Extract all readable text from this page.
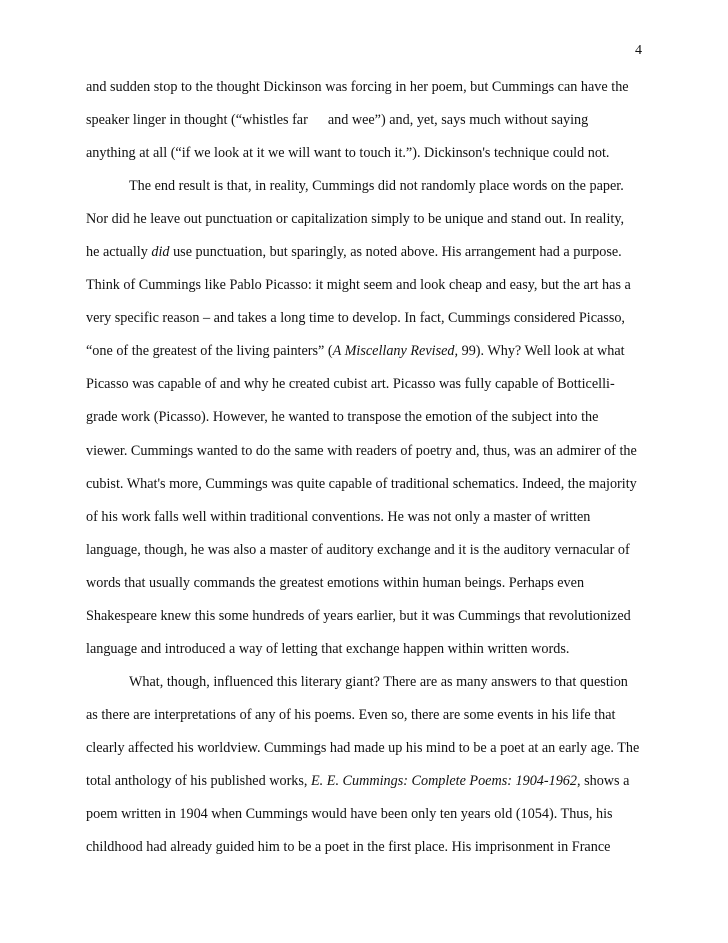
4
and sudden stop to the thought Dickinson was forcing in her poem, but Cummings can have the
speaker linger in thought (“whistles far and wee”) and, yet, says much without saying
anything at all (“if we look at it we will want to touch it.”). Dickinson's technique could not.
The end result is that, in reality, Cummings did not randomly place words on the paper.
Nor did he leave out punctuation or capitalization simply to be unique and stand out. In reality,
he actually did use punctuation, but sparingly, as noted above. His arrangement had a purpose.
Think of Cummings like Pablo Picasso: it might seem and look cheap and easy, but the art has a
very specific reason – and takes a long time to develop. In fact, Cummings considered Picasso,
“one of the greatest of the living painters” (A Miscellany Revised, 99). Why? Well look at what
Picasso was capable of and why he created cubist art. Picasso was fully capable of Botticelli-
grade work (Picasso). However, he wanted to transpose the emotion of the subject into the
viewer. Cummings wanted to do the same with readers of poetry and, thus, was an admirer of the
cubist. What's more, Cummings was quite capable of traditional schematics. Indeed, the majority
of his work falls well within traditional conventions. He was not only a master of written
language, though, he was also a master of auditory exchange and it is the auditory vernacular of
words that usually commands the greatest emotions within human beings. Perhaps even
Shakespeare knew this some hundreds of years earlier, but it was Cummings that revolutionized
language and introduced a way of letting that exchange happen within written words.
What, though, influenced this literary giant? There are as many answers to that question
as there are interpretations of any of his poems. Even so, there are some events in his life that
clearly affected his worldview. Cummings had made up his mind to be a poet at an early age. The
total anthology of his published works, E. E. Cummings: Complete Poems: 1904-1962, shows a
poem written in 1904 when Cummings would have been only ten years old (1054). Thus, his
childhood had already guided him to be a poet in the first place. His imprisonment in France
